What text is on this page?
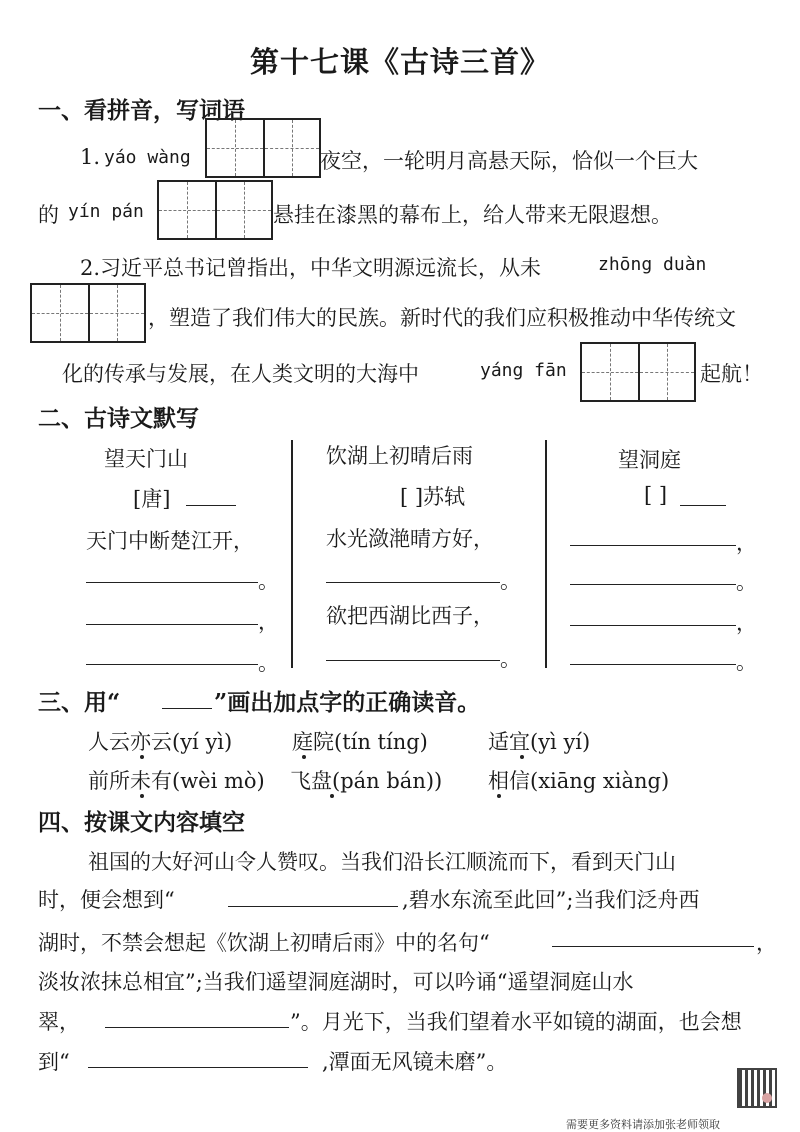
第十七课《古诗三首》
一、看拼音，写词语
1. yáo wàng	夜空，一轮明月高悬天际，恰似一个巨大
的 yín pán	悬挂在漆黑的幕布上，给人带来无限遐想。
2.习近平总书记曾指出，中华文明源远流长，从未	zhōng duàn
，塑造了我们伟大的民族。新时代的我们应积极推动中华传统文
化的传承与发展，在人类文明的大海中	yáng fān	起航！
二、古诗文默写
望天门山
[唐]
天门中断楚江开，
。
，
。
饮湖上初晴后雨
[ ]苏轼
水光潋滟晴方好，
。
欲把西湖比西子，
。
望洞庭
[ ]
，
。
，
。
三、用“	”画出加点字的正确读音。
人云亦云(yí yì)	庭院(tín tíng)	适宜(yì yí)
前所未有(wèi mò) 飞盘(pán bán)) 相信(xiāng xiàng)
四、按课文内容填空
祖国的大好河山令人赞叹。当我们沿长江顺流而下，看到天门山
时，便会想到“	,碧水东流至此回”;当我们泛舟西
湖时，不禁会想起《饮湖上初晴后雨》中的名句“	，
淡妆浓抹总相宜”;当我们遥望洞庭湖时，可以吟诵“遥望洞庭山水
翠，	”。月光下，当我们望着水平如镜的湖面，也会想
到“	,潭面无风镜未磨”。
需要更多资料请添加张老师领取
